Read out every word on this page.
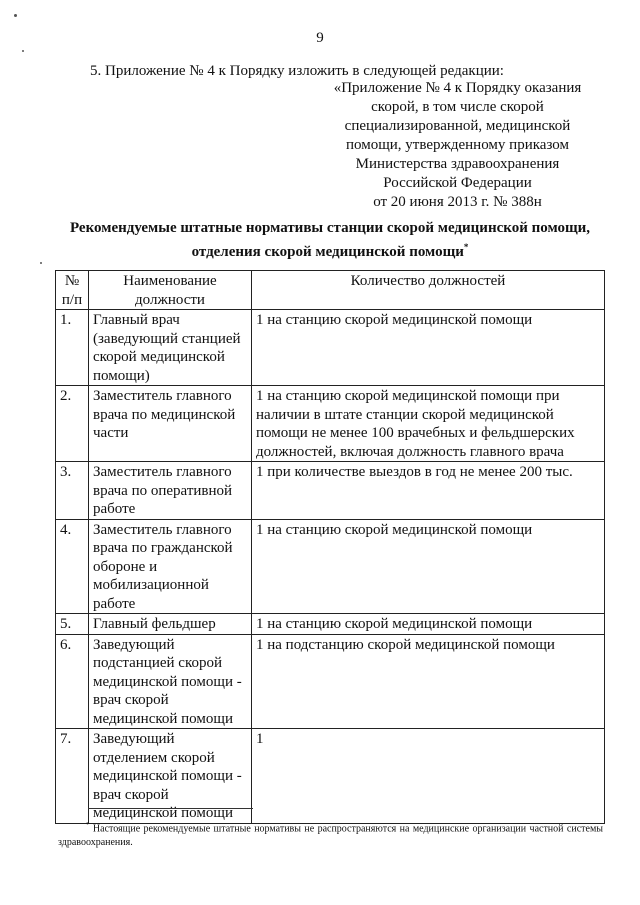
9
5. Приложение № 4 к Порядку изложить в следующей редакции:
«Приложение № 4 к Порядку оказания
скорой, в том числе скорой
специализированной, медицинской
помощи, утвержденному приказом
Министерства здравоохранения
Российской Федерации
от 20 июня 2013 г. № 388н
Рекомендуемые штатные нормативы станции скорой медицинской помощи,
отделения скорой медицинской помощи*
№ п/п	Наименование должности	Количество должностей
1.	Главный врач (заведующий станцией скорой медицинской помощи)	1 на станцию скорой медицинской помощи
2.	Заместитель главного врача по медицинской части	1 на станцию скорой медицинской помощи при наличии в штате станции скорой медицинской помощи не менее 100 врачебных и фельдшерских должностей, включая должность главного врача
3.	Заместитель главного врача по оперативной работе	1 при количестве выездов в год не менее 200 тыс.
4.	Заместитель главного врача по гражданской обороне и мобилизационной работе	1 на станцию скорой медицинской помощи
5.	Главный фельдшер	1 на станцию скорой медицинской помощи
6.	Заведующий подстанцией скорой медицинской помощи - врач скорой медицинской помощи	1 на подстанцию скорой медицинской помощи
7.	Заведующий отделением скорой медицинской помощи - врач скорой медицинской помощи	1
* Настоящие рекомендуемые штатные нормативы не распространяются на медицинские организации частной системы здравоохранения.
